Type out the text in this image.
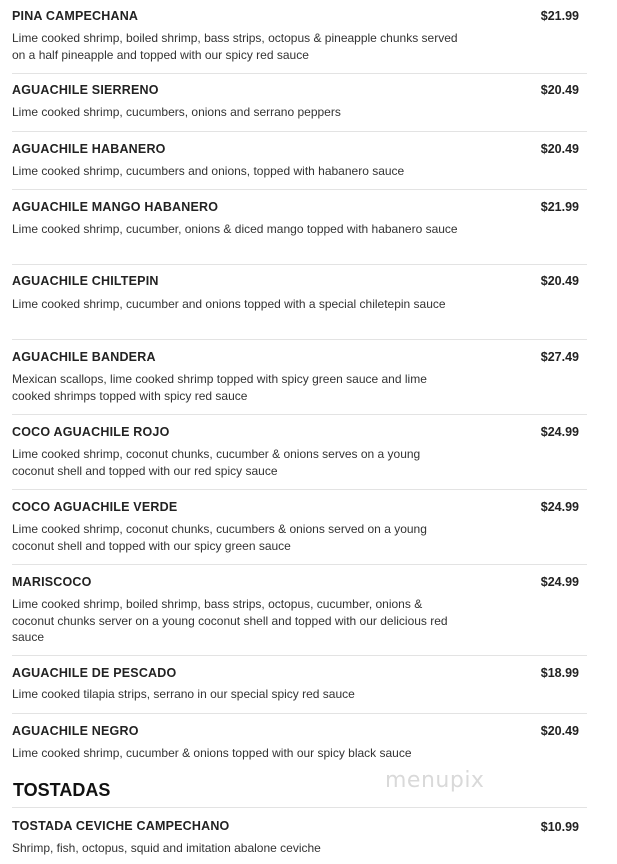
PINA CAMPECHANA	$21.99
Lime cooked shrimp, boiled shrimp, bass strips, octopus & pineapple chunks served on a half pineapple and topped with our spicy red sauce
AGUACHILE SIERRENO	$20.49
Lime cooked shrimp, cucumbers, onions and serrano peppers
AGUACHILE HABANERO	$20.49
Lime cooked shrimp, cucumbers and onions, topped with habanero sauce
AGUACHILE MANGO HABANERO	$21.99
Lime cooked shrimp, cucumber, onions & diced mango topped with habanero sauce
AGUACHILE CHILTEPIN	$20.49
Lime cooked shrimp, cucumber and onions topped with a special chiletepin sauce
AGUACHILE BANDERA	$27.49
Mexican scallops, lime cooked shrimp topped with spicy green sauce and lime cooked shrimps topped with spicy red sauce
COCO AGUACHILE ROJO	$24.99
Lime cooked shrimp, coconut chunks, cucumber & onions serves on a young coconut shell and topped with our red spicy sauce
COCO AGUACHILE VERDE	$24.99
Lime cooked shrimp, coconut chunks, cucumbers & onions served on a young coconut shell and topped with our spicy green sauce
MARISCOCO	$24.99
Lime cooked shrimp, boiled shrimp, bass strips, octopus, cucumber, onions & coconut chunks server on a young coconut shell and topped with our delicious red sauce
AGUACHILE DE PESCADO	$18.99
Lime cooked tilapia strips, serrano in our special spicy red sauce
AGUACHILE NEGRO	$20.49
Lime cooked shrimp, cucumber & onions topped with our spicy black sauce
menupix
TOSTADAS
TOSTADA CEVICHE CAMPECHANO	$10.99
Shrimp, fish, octopus, squid and imitation abalone ceviche
